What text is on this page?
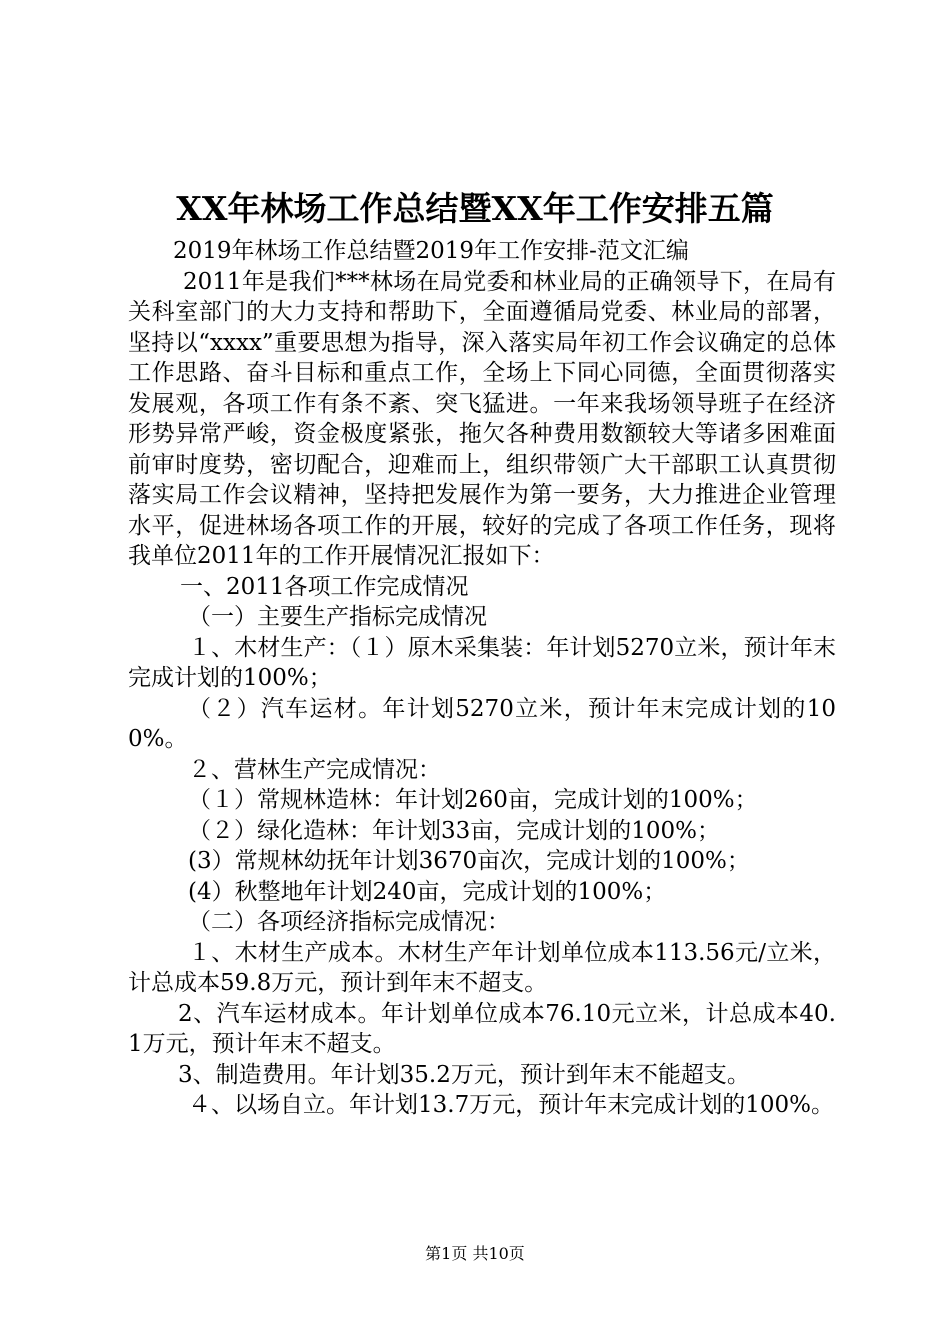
XX年林场工作总结暨XX年工作安排五篇

2019年林场工作总结暨2019年工作安排-范文汇编

2011年是我们***林场在局党委和林业局的正确领导下，在局有关科室部门的大力支持和帮助下，全面遵循局党委、林业局的部署，坚持以“xxxx”重要思想为指导，深入落实局年初工作会议确定的总体工作思路、奋斗目标和重点工作，全场上下同心同德，全面贯彻落实发展观，各项工作有条不紊、突飞猛进。一年来我场领导班子在经济形势异常严峻，资金极度紧张，拖欠各种费用数额较大等诸多困难面前审时度势，密切配合，迎难而上，组织带领广大干部职工认真贯彻落实局工作会议精神，坚持把发展作为第一要务，大力推进企业管理水平，促进林场各项工作的开展，较好的完成了各项工作任务，现将我单位2011年的工作开展情况汇报如下：

一、2011各项工作完成情况

（一）主要生产指标完成情况

１、木材生产：（１）原木采集装：年计划5270立米，预计年末完成计划的100%；

（２）汽车运材。年计划5270立米，预计年末完成计划的100%。

２、营林生产完成情况：

（１）常规林造林：年计划260亩，完成计划的100%；

（２）绿化造林：年计划33亩，完成计划的100%；

(3）常规林幼抚年计划3670亩次，完成计划的100%；

(4）秋整地年计划240亩，完成计划的100%；

（二）各项经济指标完成情况：

１、木材生产成本。木材生产年计划单位成本113.56元/立米，计总成本59.8万元，预计到年末不超支。

2、汽车运材成本。年计划单位成本76.10元立米，计总成本40.1万元，预计年末不超支。

3、制造费用。年计划35.2万元，预计到年末不能超支。

４、以场自立。年计划13.7万元，预计年末完成计划的100%。

第1页 共10页
